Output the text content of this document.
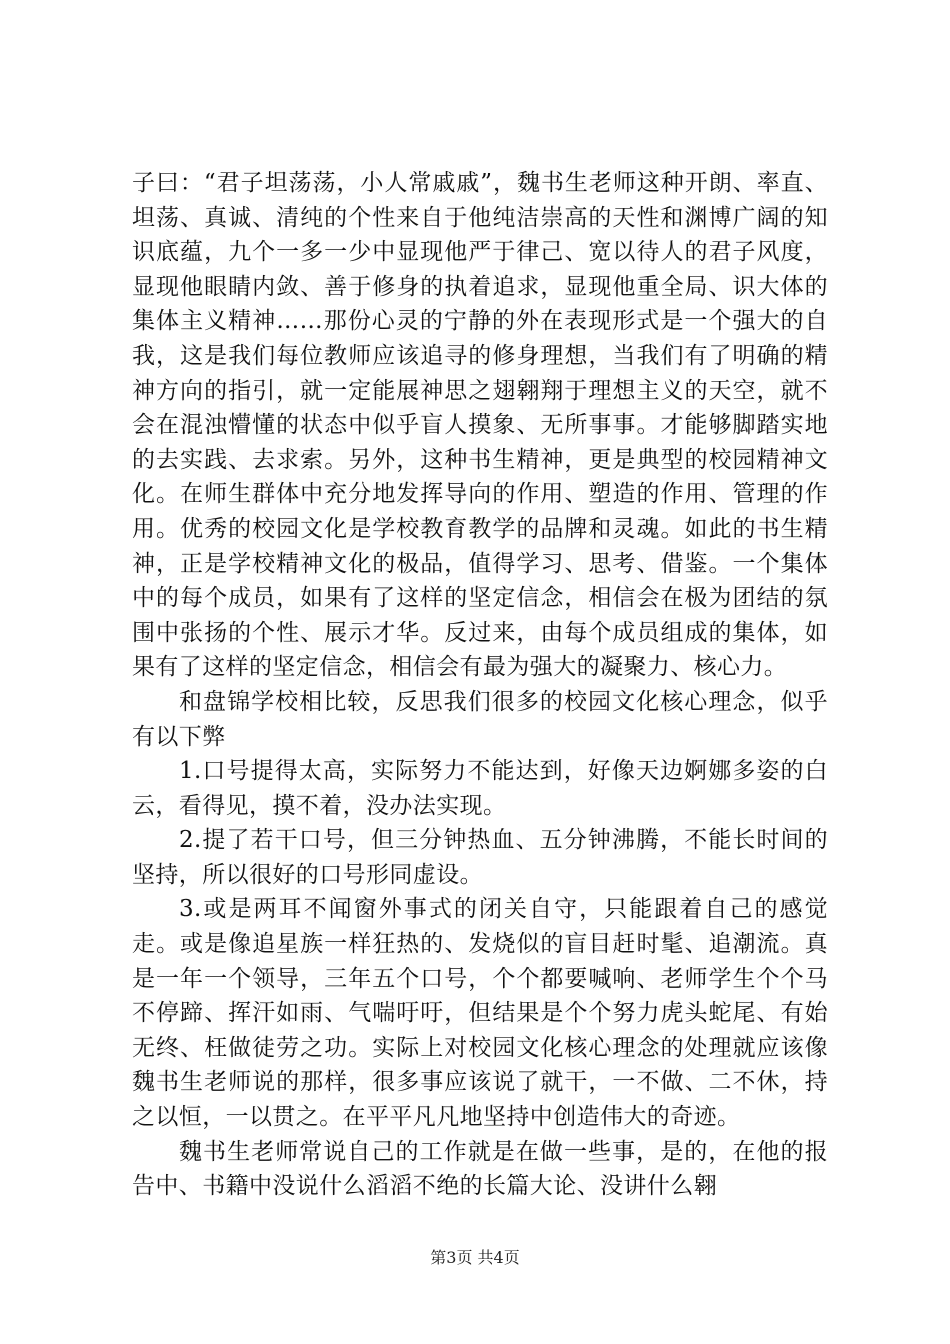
子曰：“君子坦荡荡，小人常戚戚”，魏书生老师这种开朗、率直、坦荡、真诚、清纯的个性来自于他纯洁崇高的天性和渊博广阔的知识底蕴，九个一多一少中显现他严于律己、宽以待人的君子风度，显现他眼睛内敛、善于修身的执着追求，显现他重全局、识大体的集体主义精神……那份心灵的宁静的外在表现形式是一个强大的自我，这是我们每位教师应该追寻的修身理想，当我们有了明确的精神方向的指引，就一定能展神思之翅翱翔于理想主义的天空，就不会在混浊懵懂的状态中似乎盲人摸象、无所事事。才能够脚踏实地的去实践、去求索。另外，这种书生精神，更是典型的校园精神文化。在师生群体中充分地发挥导向的作用、塑造的作用、管理的作用。优秀的校园文化是学校教育教学的品牌和灵魂。如此的书生精神，正是学校精神文化的极品，值得学习、思考、借鉴。一个集体中的每个成员，如果有了这样的坚定信念，相信会在极为团结的氛围中张扬的个性、展示才华。反过来，由每个成员组成的集体，如果有了这样的坚定信念，相信会有最为强大的凝聚力、核心力。

和盘锦学校相比较，反思我们很多的校园文化核心理念，似乎有以下弊

1.口号提得太高，实际努力不能达到，好像天边婀娜多姿的白云，看得见，摸不着，没办法实现。

2.提了若干口号，但三分钟热血、五分钟沸腾，不能长时间的坚持，所以很好的口号形同虚设。

3.或是两耳不闻窗外事式的闭关自守，只能跟着自己的感觉走。或是像追星族一样狂热的、发烧似的盲目赶时髦、追潮流。真是一年一个领导，三年五个口号，个个都要喊响、老师学生个个马不停蹄、挥汗如雨、气喘吁吁，但结果是个个努力虎头蛇尾、有始无终、枉做徒劳之功。实际上对校园文化核心理念的处理就应该像魏书生老师说的那样，很多事应该说了就干，一不做、二不休，持之以恒，一以贯之。在平平凡凡地坚持中创造伟大的奇迹。

魏书生老师常说自己的工作就是在做一些事，是的，在他的报告中、书籍中没说什么滔滔不绝的长篇大论、没讲什么翱

第3页 共4页
